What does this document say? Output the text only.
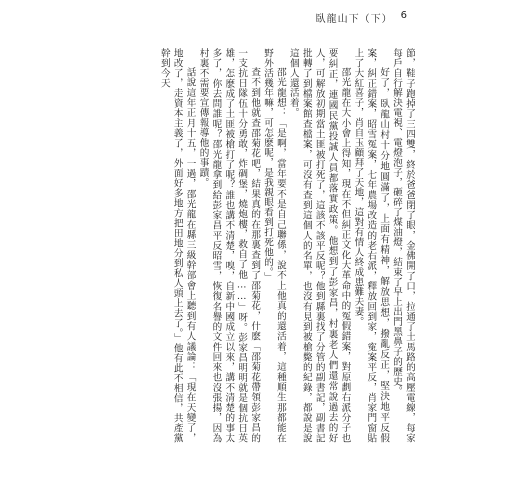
臥龍山下（下） 6

節，鞋子跑掉了三四雙，終於爸爸閉了眼，金佛開了口，拉通了土馬路的高壓電線，每家每戶自行解決電視、電燈泡子，砸碎了煤油燈，結束了早上出門黑鼻子的歷史。

好了，臥龍山村十分地圓滿了，上面有精神，解放思想，撥亂反正，堅決地平反假案，糾正錯案，昭雪冤案，七年農場改造的老右派，釋放回到家，寃案平反，肖家門窗貼上了大紅喜子，肖自玉顧拜了天地，這對有情人終成患難夫妻。

邵光龍在大小會上得知，現在不但糾正文化大革命中的冤假錯案，對原劃右派分子也要糾正，連國民黨投誠人員都落實政策。他想到了彭家昌，村裏老人們還常說過去的好人，可解放初期當土匪被打死了，這該不該平反呢？他到縣裏找了分管的副書記，副書記批轉了到檔案館查檔案，可沒有查到這個人的名單，也沒有見到被槍斃的紀錄，都說是說這個人還活着。

邵光龍想：「是啊，當年要不是自己聯係，說不上他真的還活着，這種順生那都能在野外活幾年嘛，可怎麽呢，是我親眼看到打死他的。」

查不到他就查邵菊花吧，結果真的在那裏查到了邵菊花，什麽「邵菊花帶領彭家昌的一支抗日隊伍十分勇敢，炸碉堡，燒炮樓，救自了他……」呀。彭家昌明明就是個抗日英雄，怎麽成了土匪被槍打了呢？誰也講不清楚，嗅，自新中國成立以來，講不清楚的事太多了，你去問誰呢？邵光龍拿到給彭家昌平反昭雪，恢復名譽的文件回來也沒張揚，因為村裏不需要宣傳報導他的事蹟。

話說這年正月十五，一過，邵光龍在縣三級幹部會上聽到有人議論：「現在天變了，地改了，走資本主義了，外面好多地方把田地分到私人頭上去了。」他有此不相信，共產黨幹到今天
